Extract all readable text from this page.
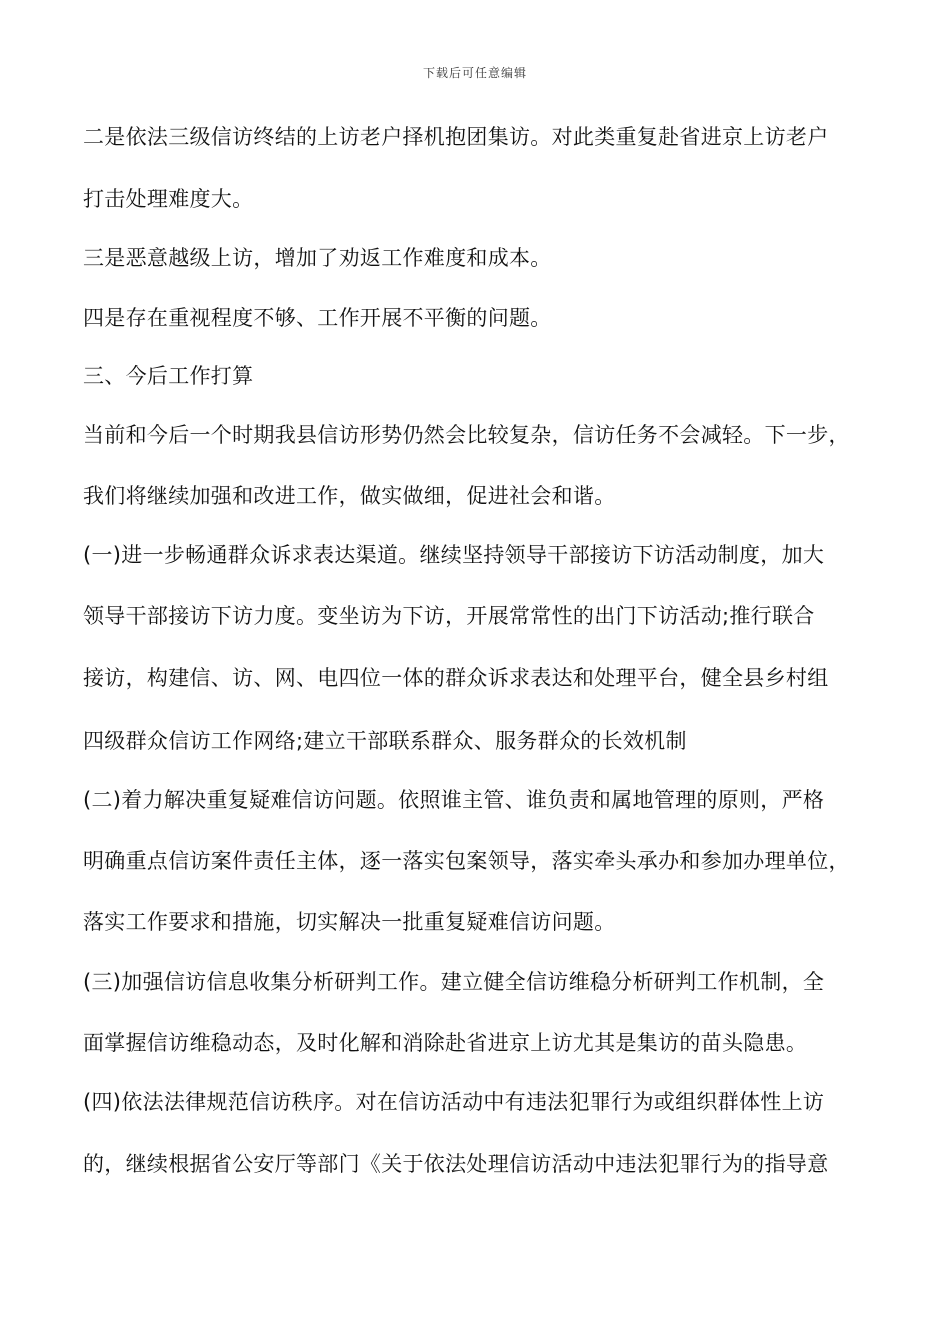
下载后可任意编辑
二是依法三级信访终结的上访老户择机抱团集访。对此类重复赴省进京上访老户
打击处理难度大。
三是恶意越级上访，增加了劝返工作难度和成本。
四是存在重视程度不够、工作开展不平衡的问题。
三、今后工作打算
当前和今后一个时期我县信访形势仍然会比较复杂，信访任务不会减轻。下一步，
我们将继续加强和改进工作，做实做细，促进社会和谐。
(一)进一步畅通群众诉求表达渠道。继续坚持领导干部接访下访活动制度，加大
领导干部接访下访力度。变坐访为下访，开展常常性的出门下访活动;推行联合
接访，构建信、访、网、电四位一体的群众诉求表达和处理平台，健全县乡村组
四级群众信访工作网络;建立干部联系群众、服务群众的长效机制
(二)着力解决重复疑难信访问题。依照谁主管、谁负责和属地管理的原则，严格
明确重点信访案件责任主体，逐一落实包案领导，落实牵头承办和参加办理单位，
落实工作要求和措施，切实解决一批重复疑难信访问题。
(三)加强信访信息收集分析研判工作。建立健全信访维稳分析研判工作机制，全
面掌握信访维稳动态，及时化解和消除赴省进京上访尤其是集访的苗头隐患。
(四)依法法律规范信访秩序。对在信访活动中有违法犯罪行为或组织群体性上访
的，继续根据省公安厅等部门《关于依法处理信访活动中违法犯罪行为的指导意
